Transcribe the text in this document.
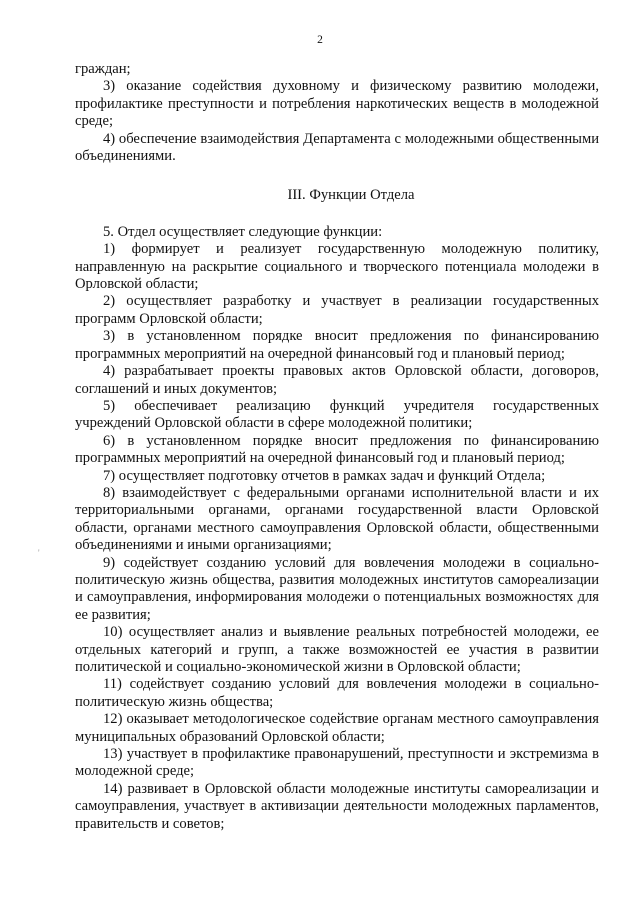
2
'

граждан;

3) оказание содействия духовному и физическому развитию молодежи, профилактике преступности и потребления наркотических веществ в молодежной среде;

4) обеспечение взаимодействия Департамента с молодежными общественными объединениями.

III. Функции Отдела

5. Отдел осуществляет следующие функции:

1) формирует и реализует государственную молодежную политику, направленную на раскрытие социального и творческого потенциала молодежи в Орловской области;

2) осуществляет разработку и участвует в реализации государственных программ Орловской области;

3) в установленном порядке вносит предложения по финансированию программных мероприятий на очередной финансовый год и плановый период;

4) разрабатывает проекты правовых актов Орловской области, договоров, соглашений и иных документов;

5) обеспечивает реализацию функций учредителя государственных учреждений Орловской области в сфере молодежной политики;

6) в установленном порядке вносит предложения по финансированию программных мероприятий на очередной финансовый год и плановый период;

7) осуществляет подготовку отчетов в рамках задач и функций Отдела;

8) взаимодействует с федеральными органами исполнительной власти и их территориальными органами, органами государственной власти Орловской области, органами местного самоуправления Орловской области, общественными объединениями и иными организациями;

9) содействует созданию условий для вовлечения молодежи в социально-политическую жизнь общества, развития молодежных институтов самореализации и самоуправления, информирования молодежи о потенциальных возможностях для ее развития;

10) осуществляет анализ и выявление реальных потребностей молодежи, ее отдельных категорий и групп, а также возможностей ее участия в развитии политической и социально-экономической жизни в Орловской области;

11) содействует созданию условий для вовлечения молодежи в социально-политическую жизнь общества;

12) оказывает методологическое содействие органам местного самоуправления муниципальных образований Орловской области;

13) участвует в профилактике правонарушений, преступности и экстремизма в молодежной среде;

14) развивает в Орловской области молодежные институты самореализации и самоуправления, участвует в активизации деятельности молодежных парламентов, правительств и советов;
